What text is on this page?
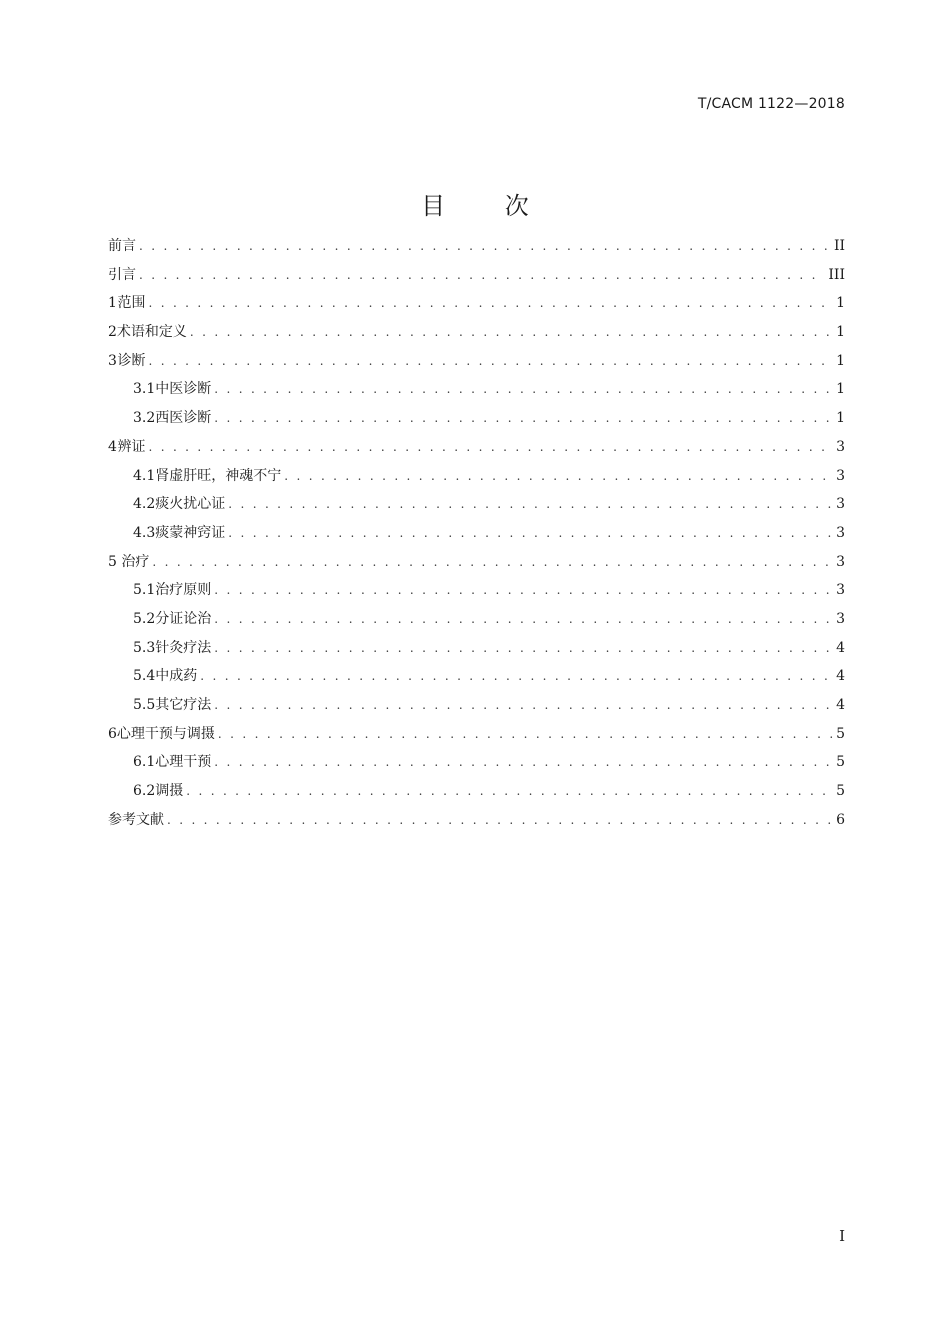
T/CACM 1122—2018
目 次
前言 . . .	II
引言 . . .	III
1 范围 . . .	1
2 术语和定义 . . .	1
3 诊断 . . .	1
3.1 中医诊断 . . .	1
3.2 西医诊断 . . .	1
4 辨证 . . .	3
4.1 肾虚肝旺，神魂不宁 . . .	3
4.2 痰火扰心证 . . .	3
4.3 痰蒙神窍证 . . .	3
5 治疗 . . .	3
5.1 治疗原则 . . .	3
5.2 分证论治 . . .	3
5.3 针灸疗法 . . .	4
5.4 中成药 . . .	4
5.5 其它疗法 . . .	4
6 心理干预与调摄 . . .	5
6.1 心理干预 . . .	5
6.2 调摄 . . .	5
参考文献 . . .	6
I
